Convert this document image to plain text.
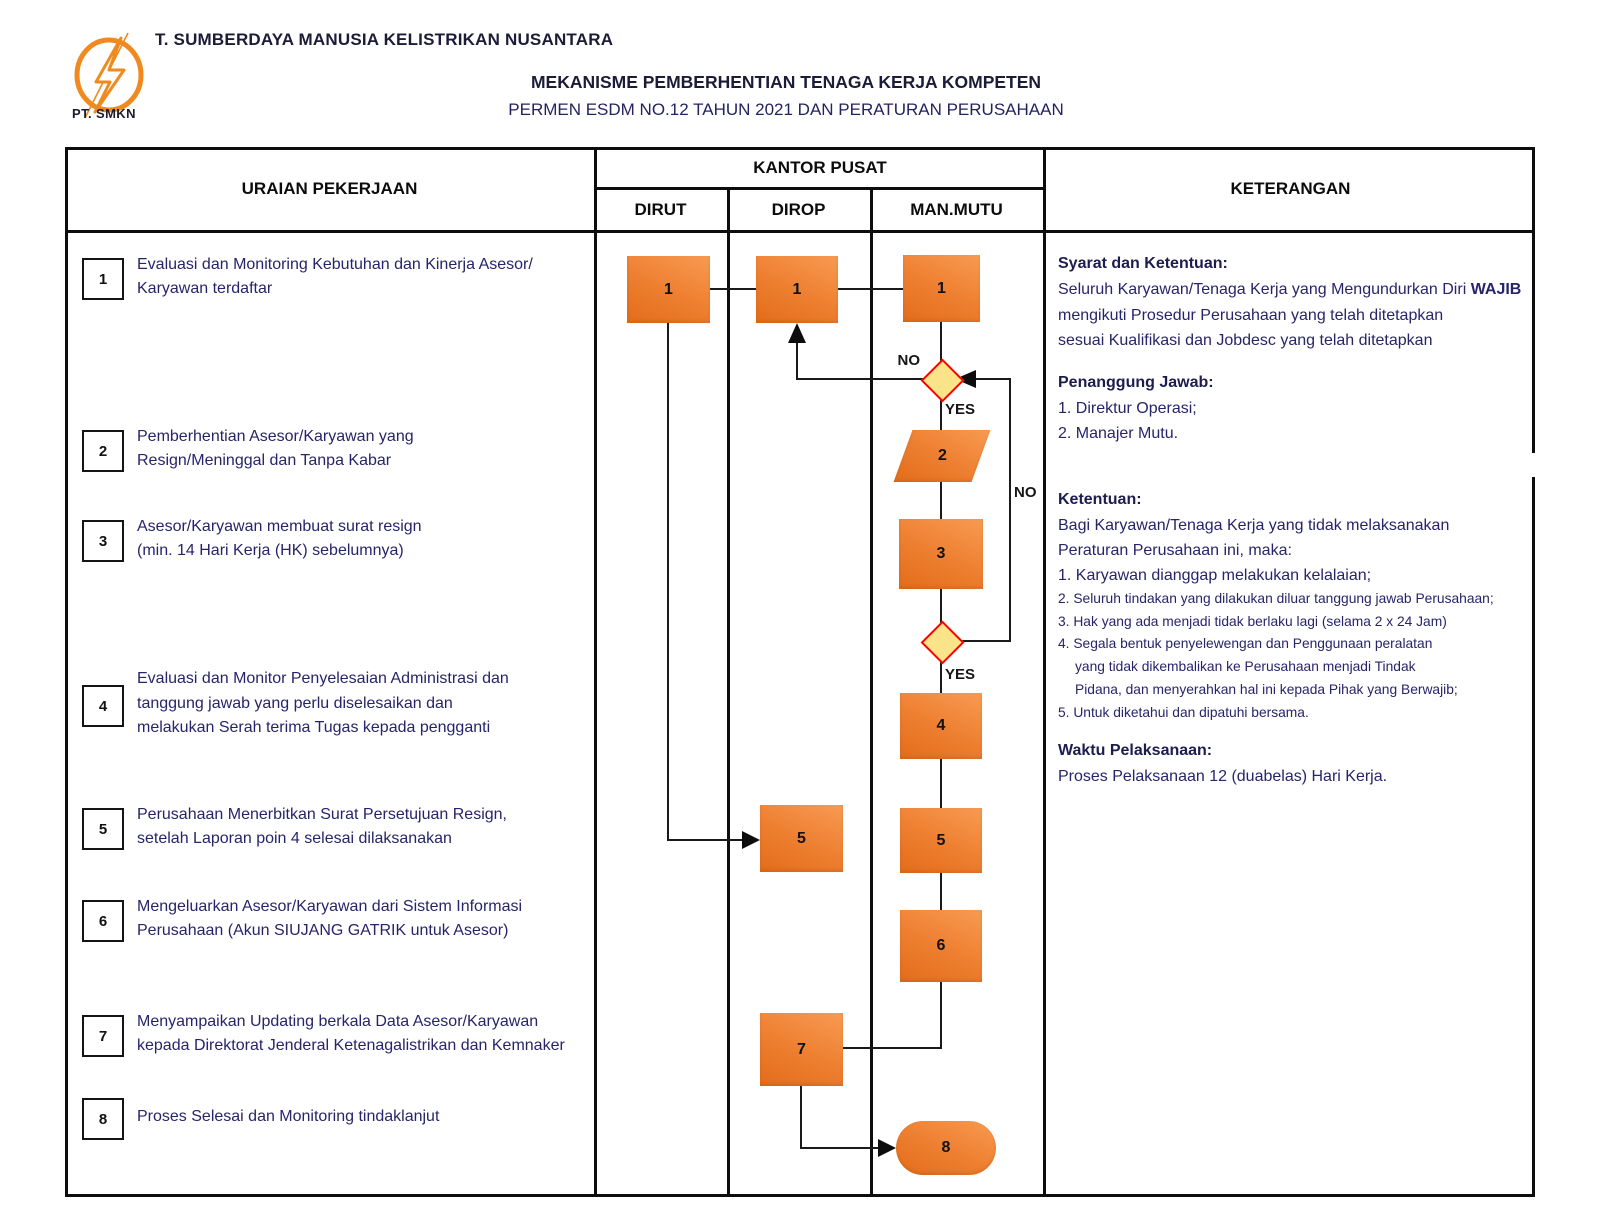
PT. SMKN
T. SUMBERDAYA MANUSIA KELISTRIKAN NUSANTARA
MEKANISME PEMBERHENTIAN TENAGA KERJA KOMPETEN
PERMEN ESDM NO.12 TAHUN 2021 DAN PERATURAN PERUSAHAAN
URAIAN PEKERJAAN
KANTOR PUSAT
DIRUT	DIROP	MAN.MUTU
KETERANGAN
1
Evaluasi dan Monitoring Kebutuhan dan Kinerja Asesor/
Karyawan terdaftar
2
Pemberhentian Asesor/Karyawan yang
Resign/Meninggal dan Tanpa Kabar
3
Asesor/Karyawan membuat surat resign
(min. 14 Hari Kerja (HK) sebelumnya)
4
Evaluasi dan Monitor Penyelesaian Administrasi dan
tanggung jawab yang perlu diselesaikan dan
melakukan Serah terima Tugas kepada pengganti
5
Perusahaan Menerbitkan Surat Persetujuan Resign,
setelah Laporan poin 4 selesai dilaksanakan
6
Mengeluarkan Asesor/Karyawan dari Sistem Informasi
Perusahaan (Akun SIUJANG GATRIK untuk Asesor)
7
Menyampaikan Updating berkala Data Asesor/Karyawan
kepada Direktorat Jenderal Ketenagalistrikan dan Kemnaker
8	Proses Selesai dan Monitoring tindaklanjut
1	1	1
2
3
4
5	5
6
7
8
NO
YES
NO
YES
Syarat dan Ketentuan:
Seluruh Karyawan/Tenaga Kerja yang Mengundurkan Diri WAJIB
mengikuti Prosedur Perusahaan yang telah ditetapkan
sesuai Kualifikasi dan Jobdesc yang telah ditetapkan
Penanggung Jawab:
1. Direktur Operasi;
2. Manajer Mutu.
Ketentuan:
Bagi Karyawan/Tenaga Kerja yang tidak melaksanakan
Peraturan Perusahaan ini, maka:
1. Karyawan dianggap melakukan kelalaian;
2. Seluruh tindakan yang dilakukan diluar tanggung jawab Perusahaan;
3. Hak yang ada menjadi tidak berlaku lagi (selama 2 x 24 Jam)
4. Segala bentuk penyelewengan dan Penggunaan peralatan
yang tidak dikembalikan ke Perusahaan menjadi Tindak
Pidana, dan menyerahkan hal ini kepada Pihak yang Berwajib;
5. Untuk diketahui dan dipatuhi bersama.
Waktu Pelaksanaan:
Proses Pelaksanaan 12 (duabelas) Hari Kerja.
